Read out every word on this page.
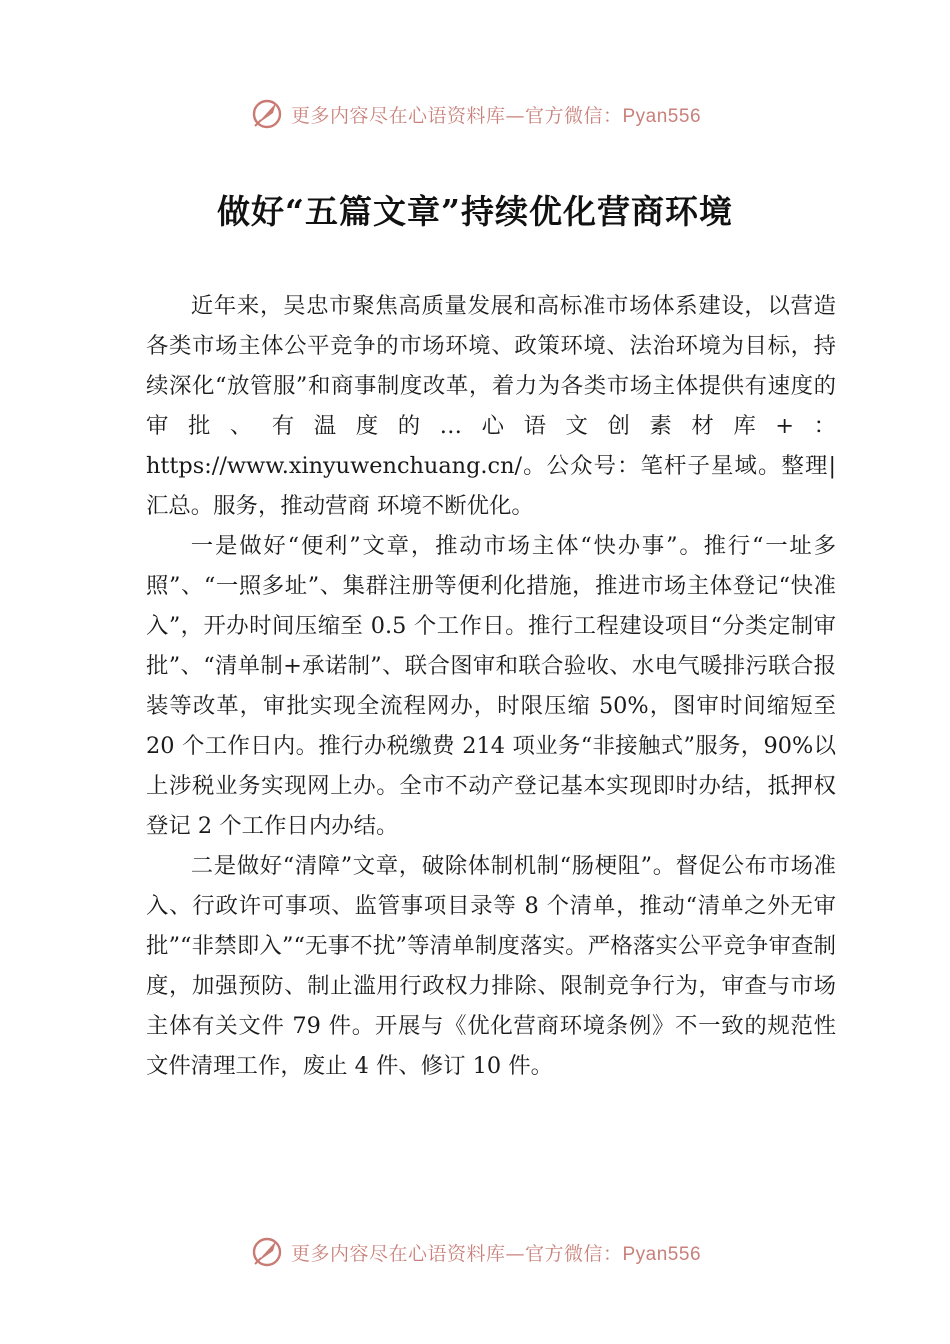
更多内容尽在心语资料库—官方微信：Pyan556
做好“五篇文章”持续优化营商环境

近年来，吴忠市聚焦高质量发展和高标准市场体系建设，以营造各类市场主体公平竞争的市场环境、政策环境、法治环境为目标，持续深化“放管服”和商事制度改革，着力为各类市场主体提供有速度的审批、有温度的…心语文创素材库+：https://www.xinyuwenchuang.cn/。公众号：笔杆子星域。整理|汇总。服务，推动营商 环境不断优化。

一是做好“便利”文章，推动市场主体“快办事”。推行“一址多照”、“一照多址”、集群注册等便利化措施，推进市场主体登记“快准入”，开办时间压缩至 0.5 个工作日。推行工程建设项目“分类定制审批”、“清单制+承诺制”、联合图审和联合验收、水电气暖排污联合报装等改革，审批实现全流程网办，时限压缩 50%，图审时间缩短至 20 个工作日内。推行办税缴费 214 项业务“非接触式”服务，90%以上涉税业务实现网上办。全市不动产登记基本实现即时办结，抵押权登记 2 个工作日内办结。

二是做好“清障”文章，破除体制机制“肠梗阻”。督促公布市场准入、行政许可事项、监管事项目录等 8 个清单，推动“清单之外无审批”“非禁即入”“无事不扰”等清单制度落实。严格落实公平竞争审查制度，加强预防、制止滥用行政权力排除、限制竞争行为，审查与市场主体有关文件 79 件。开展与《优化营商环境条例》不一致的规范性文件清理工作，废止 4 件、修订 10 件。

更多内容尽在心语资料库—官方微信：Pyan556
